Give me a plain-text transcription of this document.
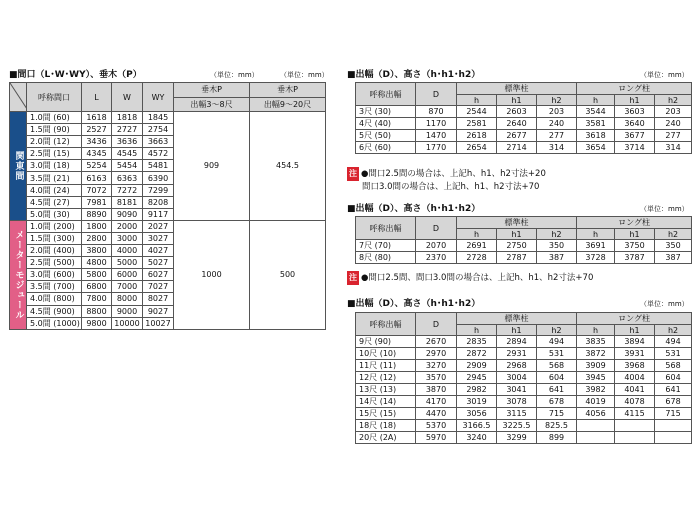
■間口（L･W･WY）、垂木（P）	（単位：mm）	（単位：mm）
	呼称間口	L	W	WY	垂木P	垂木P
					出幅3〜8尺	出幅9〜20尺
関東間	1.0間 (60)	1618	1818	1845	909	454.5
	1.5間 (90)	2527	2727	2754		
	2.0間 (12)	3436	3636	3663		
	2.5間 (15)	4345	4545	4572		
	3.0間 (18)	5254	5454	5481		
	3.5間 (21)	6163	6363	6390		
	4.0間 (24)	7072	7272	7299		
	4.5間 (27)	7981	8181	8208		
	5.0間 (30)	8890	9090	9117		
メーターモジュール	1.0間 (200)	1800	2000	2027	1000	500
	1.5間 (300)	2800	3000	3027		
	2.0間 (400)	3800	4000	4027		
	2.5間 (500)	4800	5000	5027		
	3.0間 (600)	5800	6000	6027		
	3.5間 (700)	6800	7000	7027		
	4.0間 (800)	7800	8000	8027		
	4.5間 (900)	8800	9000	9027		
	5.0間 (1000)	9800	10000	10027		
■出幅（D）、高さ（h･h1･h2）	（単位：mm）
呼称出幅	D	標準柱			ロング柱		
		h	h1	h2	h	h1	h2
3尺 (30)	870	2544	2603	203	3544	3603	203
4尺 (40)	1170	2581	2640	240	3581	3640	240
5尺 (50)	1470	2618	2677	277	3618	3677	277
6尺 (60)	1770	2654	2714	314	3654	3714	314
注 ●間口2.5間の場合は、上記h、h1、h2寸法+20
間口3.0間の場合は、上記h、h1、h2寸法+70
■出幅（D）、高さ（h･h1･h2）	（単位：mm）
呼称出幅	D	標準柱			ロング柱		
		h	h1	h2	h	h1	h2
7尺 (70)	2070	2691	2750	350	3691	3750	350
8尺 (80)	2370	2728	2787	387	3728	3787	387
注 ●間口2.5間、間口3.0間の場合は、上記h、h1、h2寸法+70
■出幅（D）、高さ（h･h1･h2）	（単位：mm）
呼称出幅	D	標準柱			ロング柱		
		h	h1	h2	h	h1	h2
9尺 (90)	2670	2835	2894	494	3835	3894	494
10尺 (10)	2970	2872	2931	531	3872	3931	531
11尺 (11)	3270	2909	2968	568	3909	3968	568
12尺 (12)	3570	2945	3004	604	3945	4004	604
13尺 (13)	3870	2982	3041	641	3982	4041	641
14尺 (14)	4170	3019	3078	678	4019	4078	678
15尺 (15)	4470	3056	3115	715	4056	4115	715
18尺 (18)	5370	3166.5	3225.5	825.5			
20尺 (2A)	5970	3240	3299	899			
